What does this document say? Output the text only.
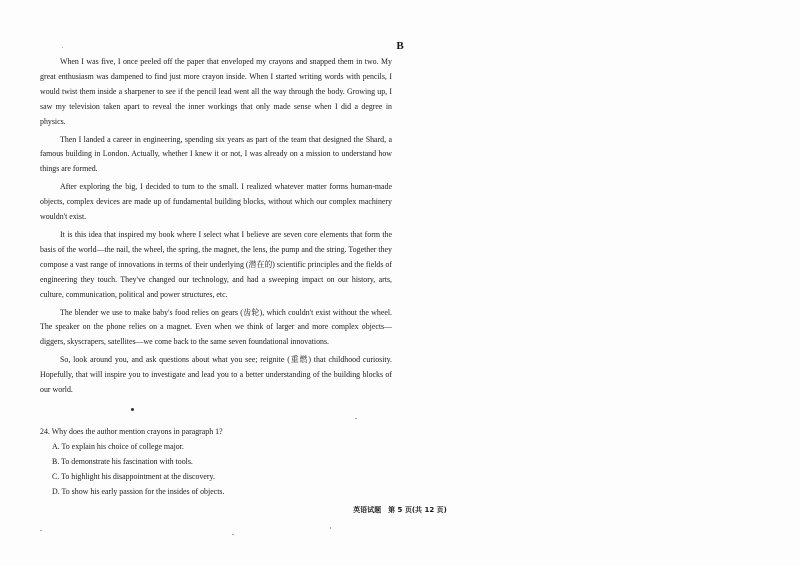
B

When I was five, I once peeled off the paper that enveloped my crayons and snapped them in two. My great enthusiasm was dampened to find just more crayon inside. When I started writing words with pencils, I would twist them inside a sharpener to see if the pencil lead went all the way through the body. Growing up, I saw my television taken apart to reveal the inner workings that only made sense when I did a degree in physics.

Then I landed a career in engineering, spending six years as part of the team that designed the Shard, a famous building in London. Actually, whether I knew it or not, I was already on a mission to understand how things are formed.

After exploring the big, I decided to turn to the small. I realized whatever matter forms human-made objects, complex devices are made up of fundamental building blocks, without which our complex machinery wouldn't exist.

It is this idea that inspired my book where I select what I believe are seven core elements that form the basis of the world—the nail, the wheel, the spring, the magnet, the lens, the pump and the string. Together they compose a vast range of innovations in terms of their underlying (潜在的) scientific principles and the fields of engineering they touch. They've changed our technology, and had a sweeping impact on our history, arts, culture, communication, political and power structures, etc.

The blender we use to make baby's food relies on gears (齿轮), which couldn't exist without the wheel. The speaker on the phone relies on a magnet. Even when we think of larger and more complex objects—diggers, skyscrapers, satellites—we come back to the same seven foundational innovations.

So, look around you, and ask questions about what you see; reignite (重燃) that childhood curiosity. Hopefully, that will inspire you to investigate and lead you to a better understanding of the building blocks of our world.

24. Why does the author mention crayons in paragraph 1?

A. To explain his choice of college major.

B. To demonstrate his fascination with tools.

C. To highlight his disappointment at the discovery.

D. To show his early passion for the insides of objects.

英语试题　第 5 页(共 12 页)
